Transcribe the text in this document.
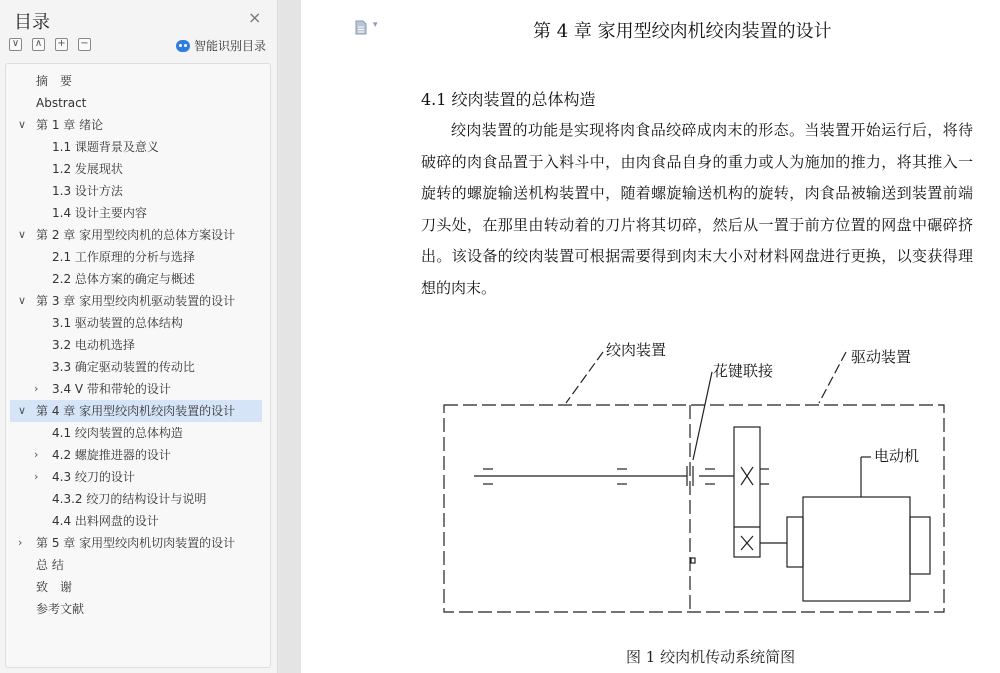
目录	×
∨ ∧ + −	智能识别目录
摘　要
Abstract
∨ 第 1 章 绪论
1.1 课题背景及意义
1.2 发展现状
1.3 设计方法
1.4 设计主要内容
∨ 第 2 章 家用型绞肉机的总体方案设计
2.1 工作原理的分析与选择
2.2 总体方案的确定与概述
∨ 第 3 章 家用型绞肉机驱动装置的设计
3.1 驱动装置的总体结构
3.2 电动机选择
3.3 确定驱动装置的传动比
› 3.4 V 带和带轮的设计
∨ 第 4 章 家用型绞肉机绞肉装置的设计
4.1 绞肉装置的总体构造
› 4.2 螺旋推进器的设计
› 4.3 绞刀的设计
4.3.2 绞刀的结构设计与说明
4.4 出料网盘的设计
› 第 5 章 家用型绞肉机切肉装置的设计
总 结
致　谢
参考文献
▾	第 4 章 家用型绞肉机绞肉装置的设计
4.1 绞肉装置的总体构造
绞肉装置的功能是实现将肉食品绞碎成肉末的形态。当装置开始运行后，将待破碎的肉食品置于入料斗中，由肉食品自身的重力或人为施加的推力，将其推入一旋转的螺旋输送机构装置中，随着螺旋输送机构的旋转，肉食品被输送到装置前端刀头处，在那里由转动着的刀片将其切碎，然后从一置于前方位置的网盘中碾碎挤出。该设备的绞肉装置可根据需要得到肉末大小对材料网盘进行更换，以变获得理想的肉末。
绞肉装置
花键联接
驱动装置
电动机
图 1 绞肉机传动系统简图
